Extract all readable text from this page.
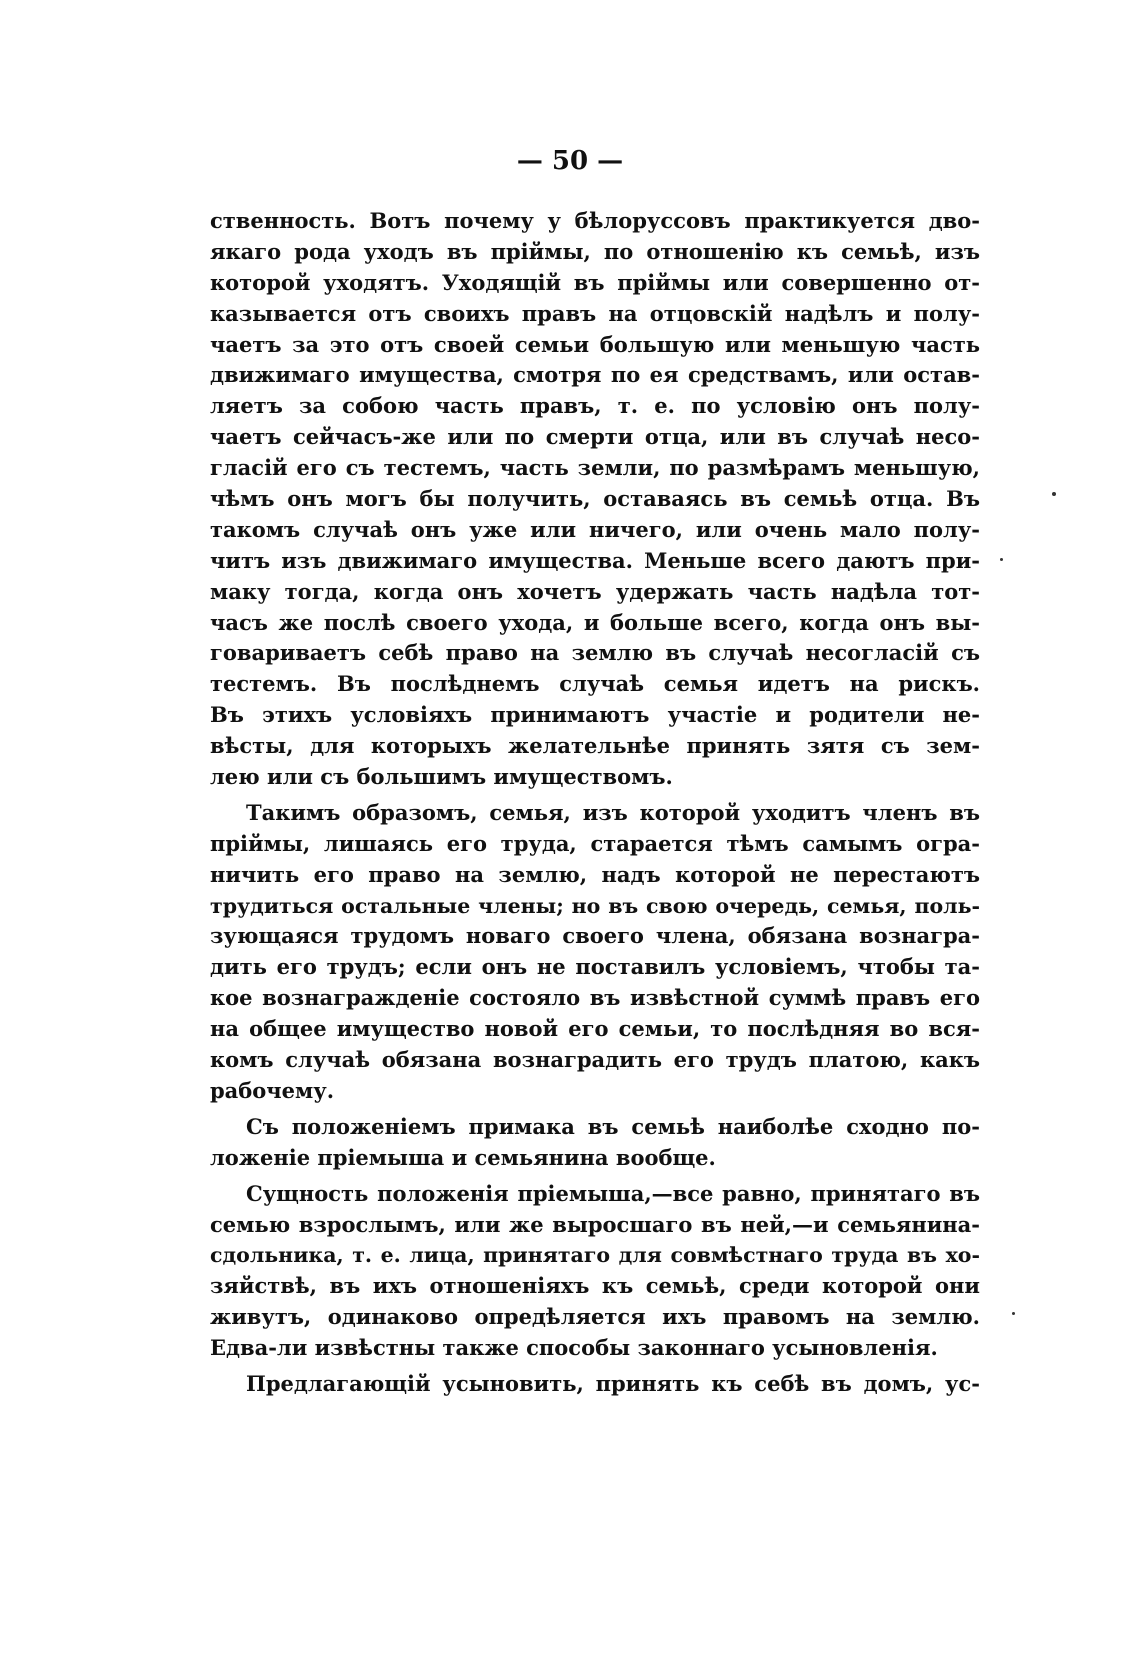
— 50 —

ственность. Вотъ почему у бѣлоруссовъ практикуется дво-
якаго рода уходъ въ пріймы, по отношенію къ семьѣ, изъ
которой уходятъ. Уходящій въ пріймы или совершенно от-
казывается отъ своихъ правъ на отцовскій надѣлъ и полу-
чаетъ за это отъ своей семьи большую или меньшую часть
движимаго имущества, смотря по ея средствамъ, или остав-
ляетъ за собою часть правъ, т. е. по условію онъ полу-
чаетъ сейчасъ-же или по смерти отца, или въ случаѣ несо-
гласій его съ тестемъ, часть земли, по размѣрамъ меньшую,
чѣмъ онъ могъ бы получить, оставаясь въ семьѣ отца. Въ
такомъ случаѣ онъ уже или ничего, или очень мало полу-
читъ изъ движимаго имущества. Меньше всего даютъ при-
маку тогда, когда онъ хочетъ удержать часть надѣла тот-
часъ же послѣ своего ухода, и больше всего, когда онъ вы-
говариваетъ себѣ право на землю въ случаѣ несогласій съ
тестемъ. Въ послѣднемъ случаѣ семья идетъ на рискъ.
Въ этихъ условіяхъ принимаютъ участіе и родители не-
вѣсты, для которыхъ желательнѣе принять зятя съ зем-
лею или съ большимъ имуществомъ.
Такимъ образомъ, семья, изъ которой уходитъ членъ въ
пріймы, лишаясь его труда, старается тѣмъ самымъ огра-
ничить его право на землю, надъ которой не перестаютъ
трудиться остальные члены; но въ свою очередь, семья, поль-
зующаяся трудомъ новаго своего члена, обязана вознагра-
дить его трудъ; если онъ не поставилъ условіемъ, чтобы та-
кое вознагражденіе состояло въ извѣстной суммѣ правъ его
на общее имущество новой его семьи, то послѣдняя во вся-
комъ случаѣ обязана вознаградить его трудъ платою, какъ
рабочему.
Съ положеніемъ примака въ семьѣ наиболѣе сходно по-
ложеніе пріемыша и семьянина вообще.
Сущность положенія пріемыша,—все равно, принятаго въ
семью взрослымъ, или же выросшаго въ ней,—и семьянина-
сдольника, т. е. лица, принятаго для совмѣстнаго труда въ хо-
зяйствѣ, въ ихъ отношеніяхъ къ семьѣ, среди которой они
живутъ, одинаково опредѣляется ихъ правомъ на землю.
Едва-ли извѣстны также способы законнаго усыновленія.
Предлагающій усыновить, принять къ себѣ въ домъ, ус-
